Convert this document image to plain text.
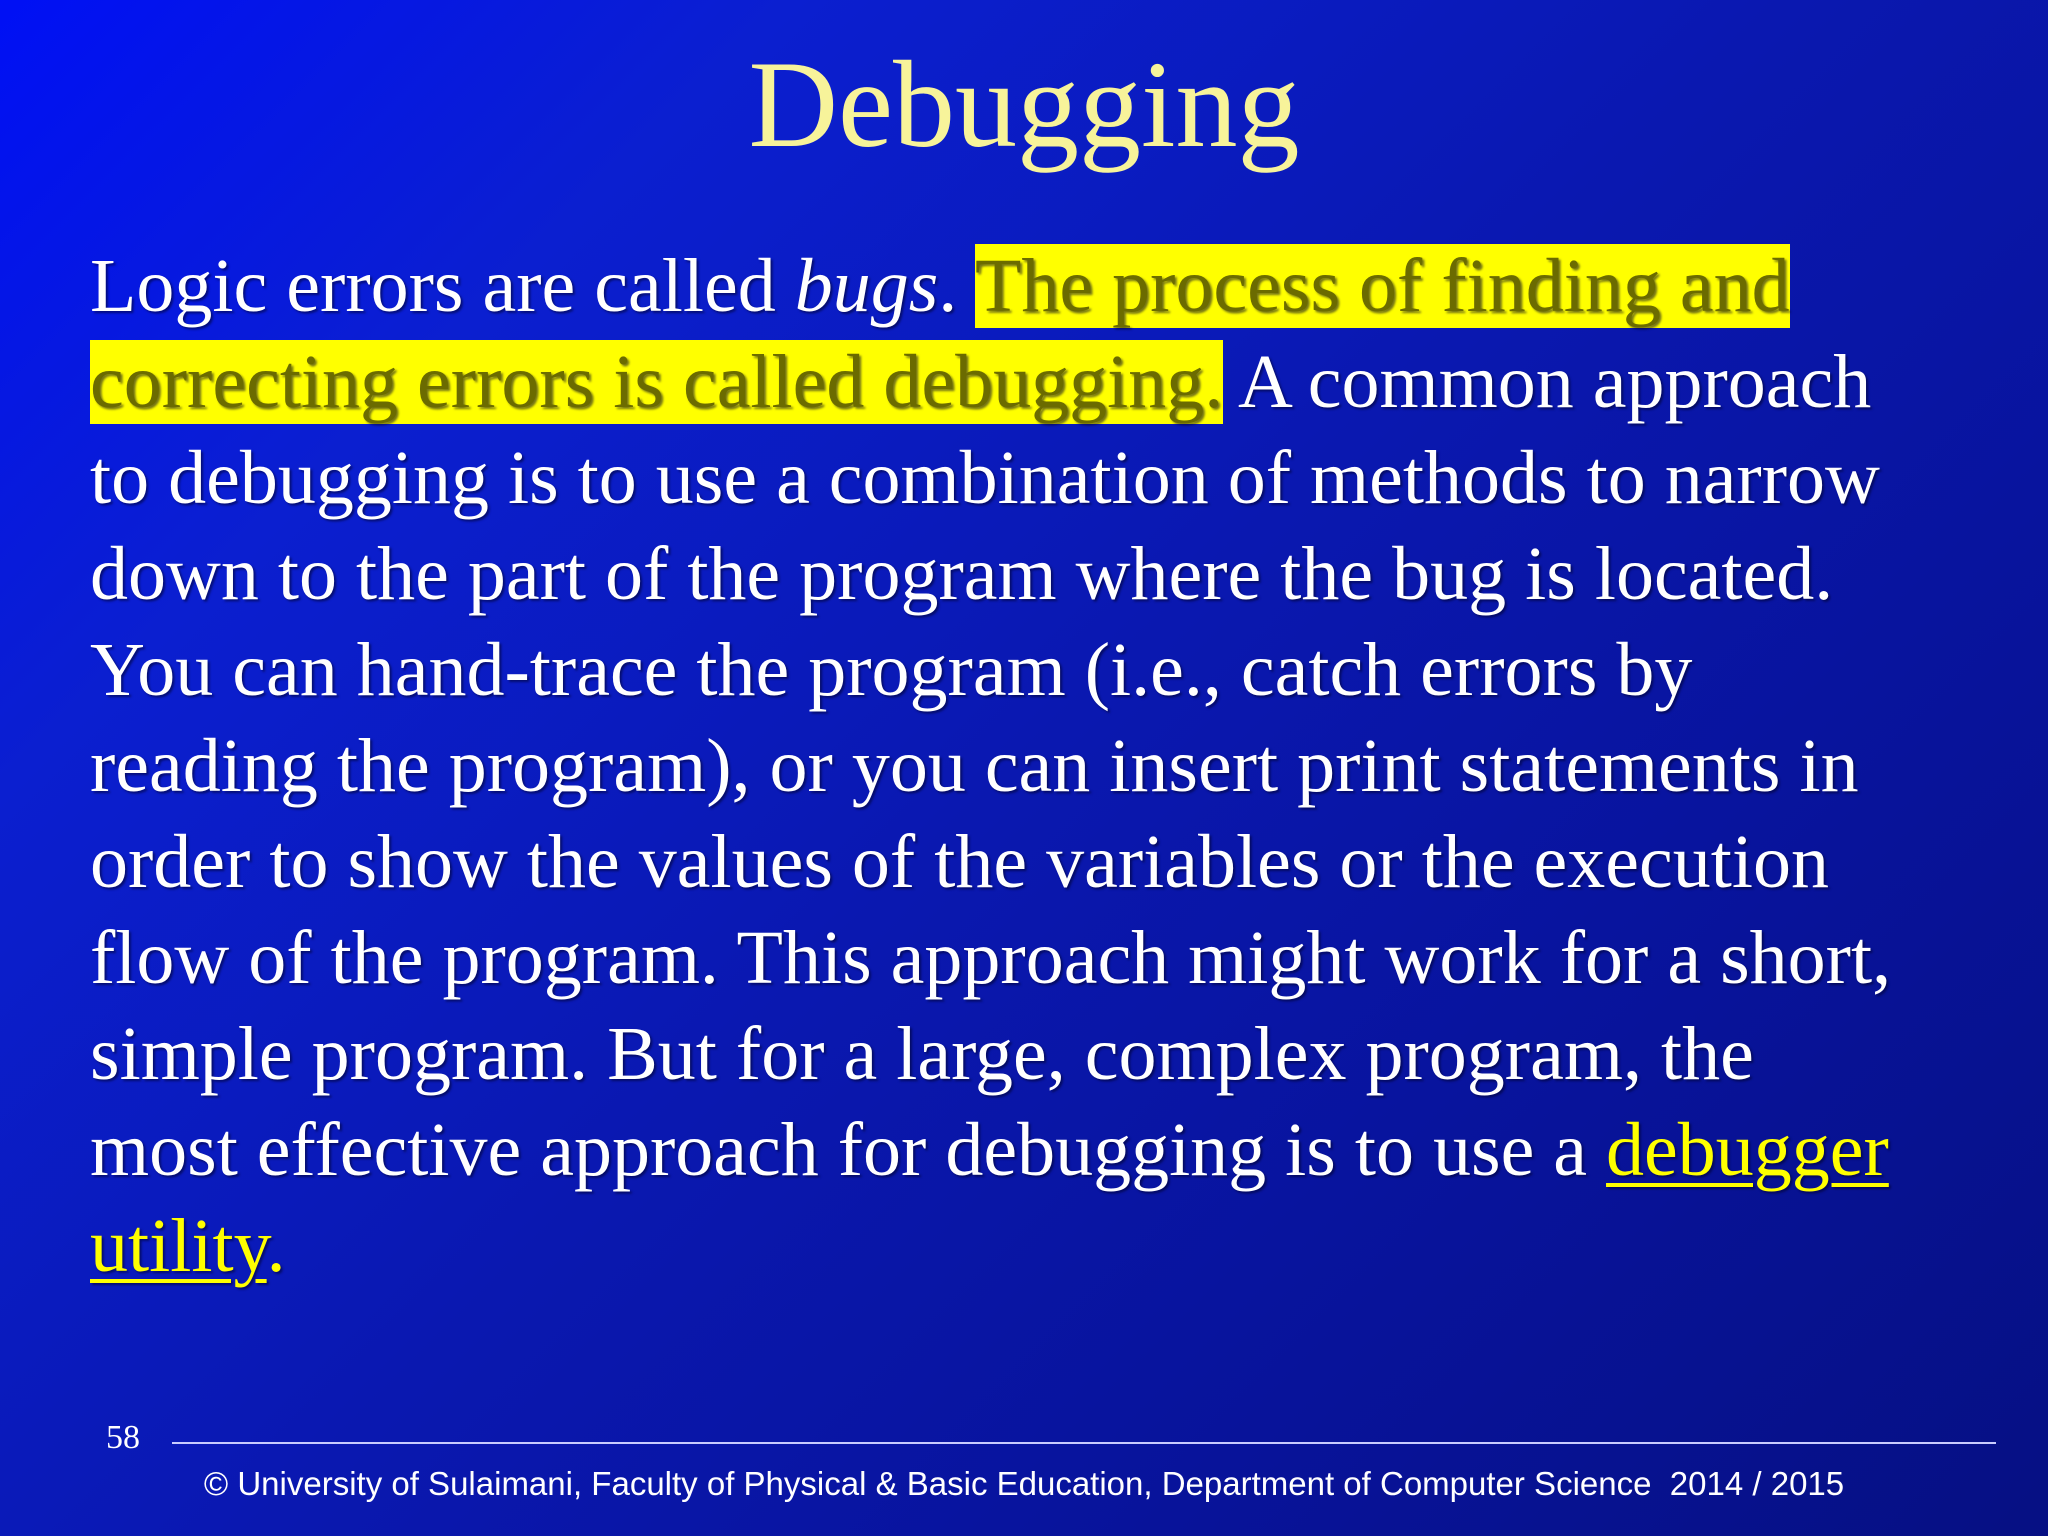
Debugging
Logic errors are called bugs. The process of finding and
correcting errors is called debugging. A common approach
to debugging is to use a combination of methods to narrow
down to the part of the program where the bug is located.
You can hand-trace the program (i.e., catch errors by
reading the program), or you can insert print statements in
order to show the values of the variables or the execution
flow of the program. This approach might work for a short,
simple program. But for a large, complex program, the
most effective approach for debugging is to use a debugger
utility.
58
© University of Sulaimani, Faculty of Physical & Basic Education, Department of Computer Science  2014 / 2015
